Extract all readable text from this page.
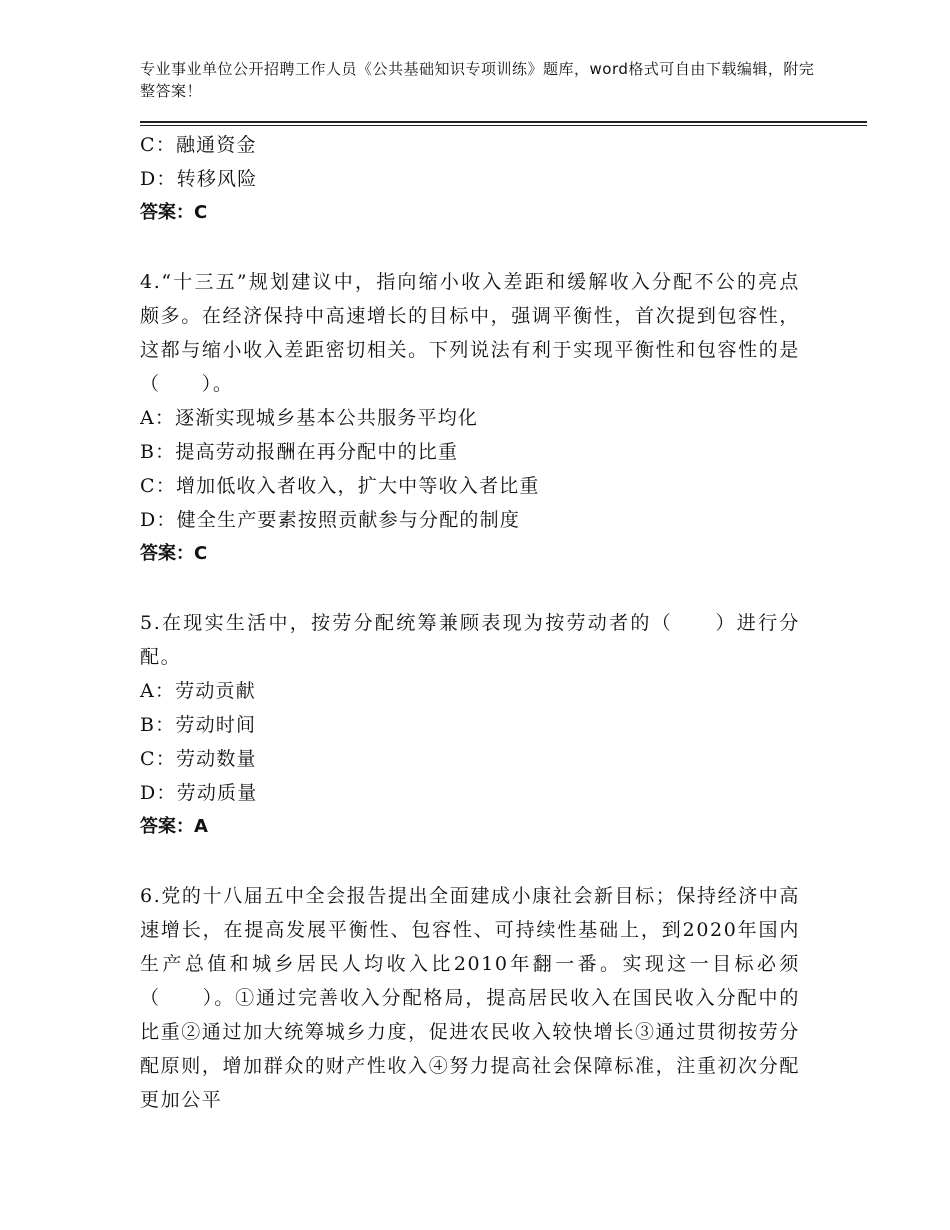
专业事业单位公开招聘工作人员《公共基础知识专项训练》题库，word格式可自由下载编辑，附完整答案！
C：融通资金
D：转移风险
答案：C
4.“十三五”规划建议中，指向缩小收入差距和缓解收入分配不公的亮点颇多。在经济保持中高速增长的目标中，强调平衡性，首次提到包容性，这都与缩小收入差距密切相关。下列说法有利于实现平衡性和包容性的是（　　）。
A：逐渐实现城乡基本公共服务平均化
B：提高劳动报酬在再分配中的比重
C：增加低收入者收入，扩大中等收入者比重
D：健全生产要素按照贡献参与分配的制度
答案：C
5.在现实生活中，按劳分配统筹兼顾表现为按劳动者的（　　）进行分配。
A：劳动贡献
B：劳动时间
C：劳动数量
D：劳动质量
答案：A
6.党的十八届五中全会报告提出全面建成小康社会新目标；保持经济中高速增长，在提高发展平衡性、包容性、可持续性基础上，到2020年国内生产总值和城乡居民人均收入比2010年翻一番。实现这一目标必须（　　）。①通过完善收入分配格局，提高居民收入在国民收入分配中的比重②通过加大统筹城乡力度，促进农民收入较快增长③通过贯彻按劳分配原则，增加群众的财产性收入④努力提高社会保障标准，注重初次分配更加公平
